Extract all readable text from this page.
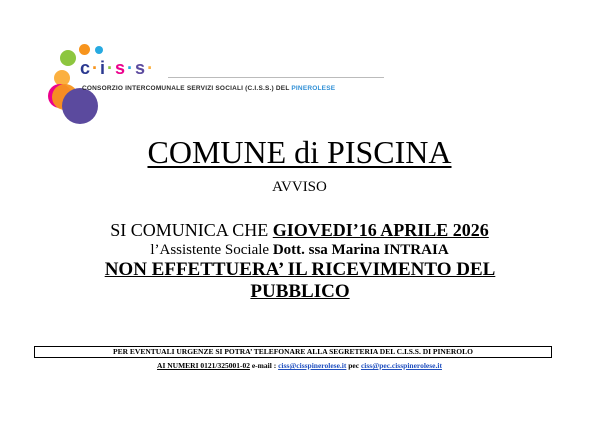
c·i·s·s·
CONSORZIO INTERCOMUNALE SERVIZI SOCIALI (C.I.S.S.) DEL PINEROLESE
COMUNE di PISCINA
AVVISO
SI COMUNICA CHE GIOVEDI’16 APRILE 2026
l’Assistente Sociale Dott. ssa Marina INTRAIA
NON EFFETTUERA’ IL RICEVIMENTO DEL PUBBLICO
PER EVENTUALI URGENZE SI POTRA’ TELEFONARE ALLA SEGRETERIA DEL C.I.S.S. DI PINEROLO
AI NUMERI 0121/325001-02 e-mail : ciss@cisspinerolese.it pec ciss@pec.cisspinerolese.it
